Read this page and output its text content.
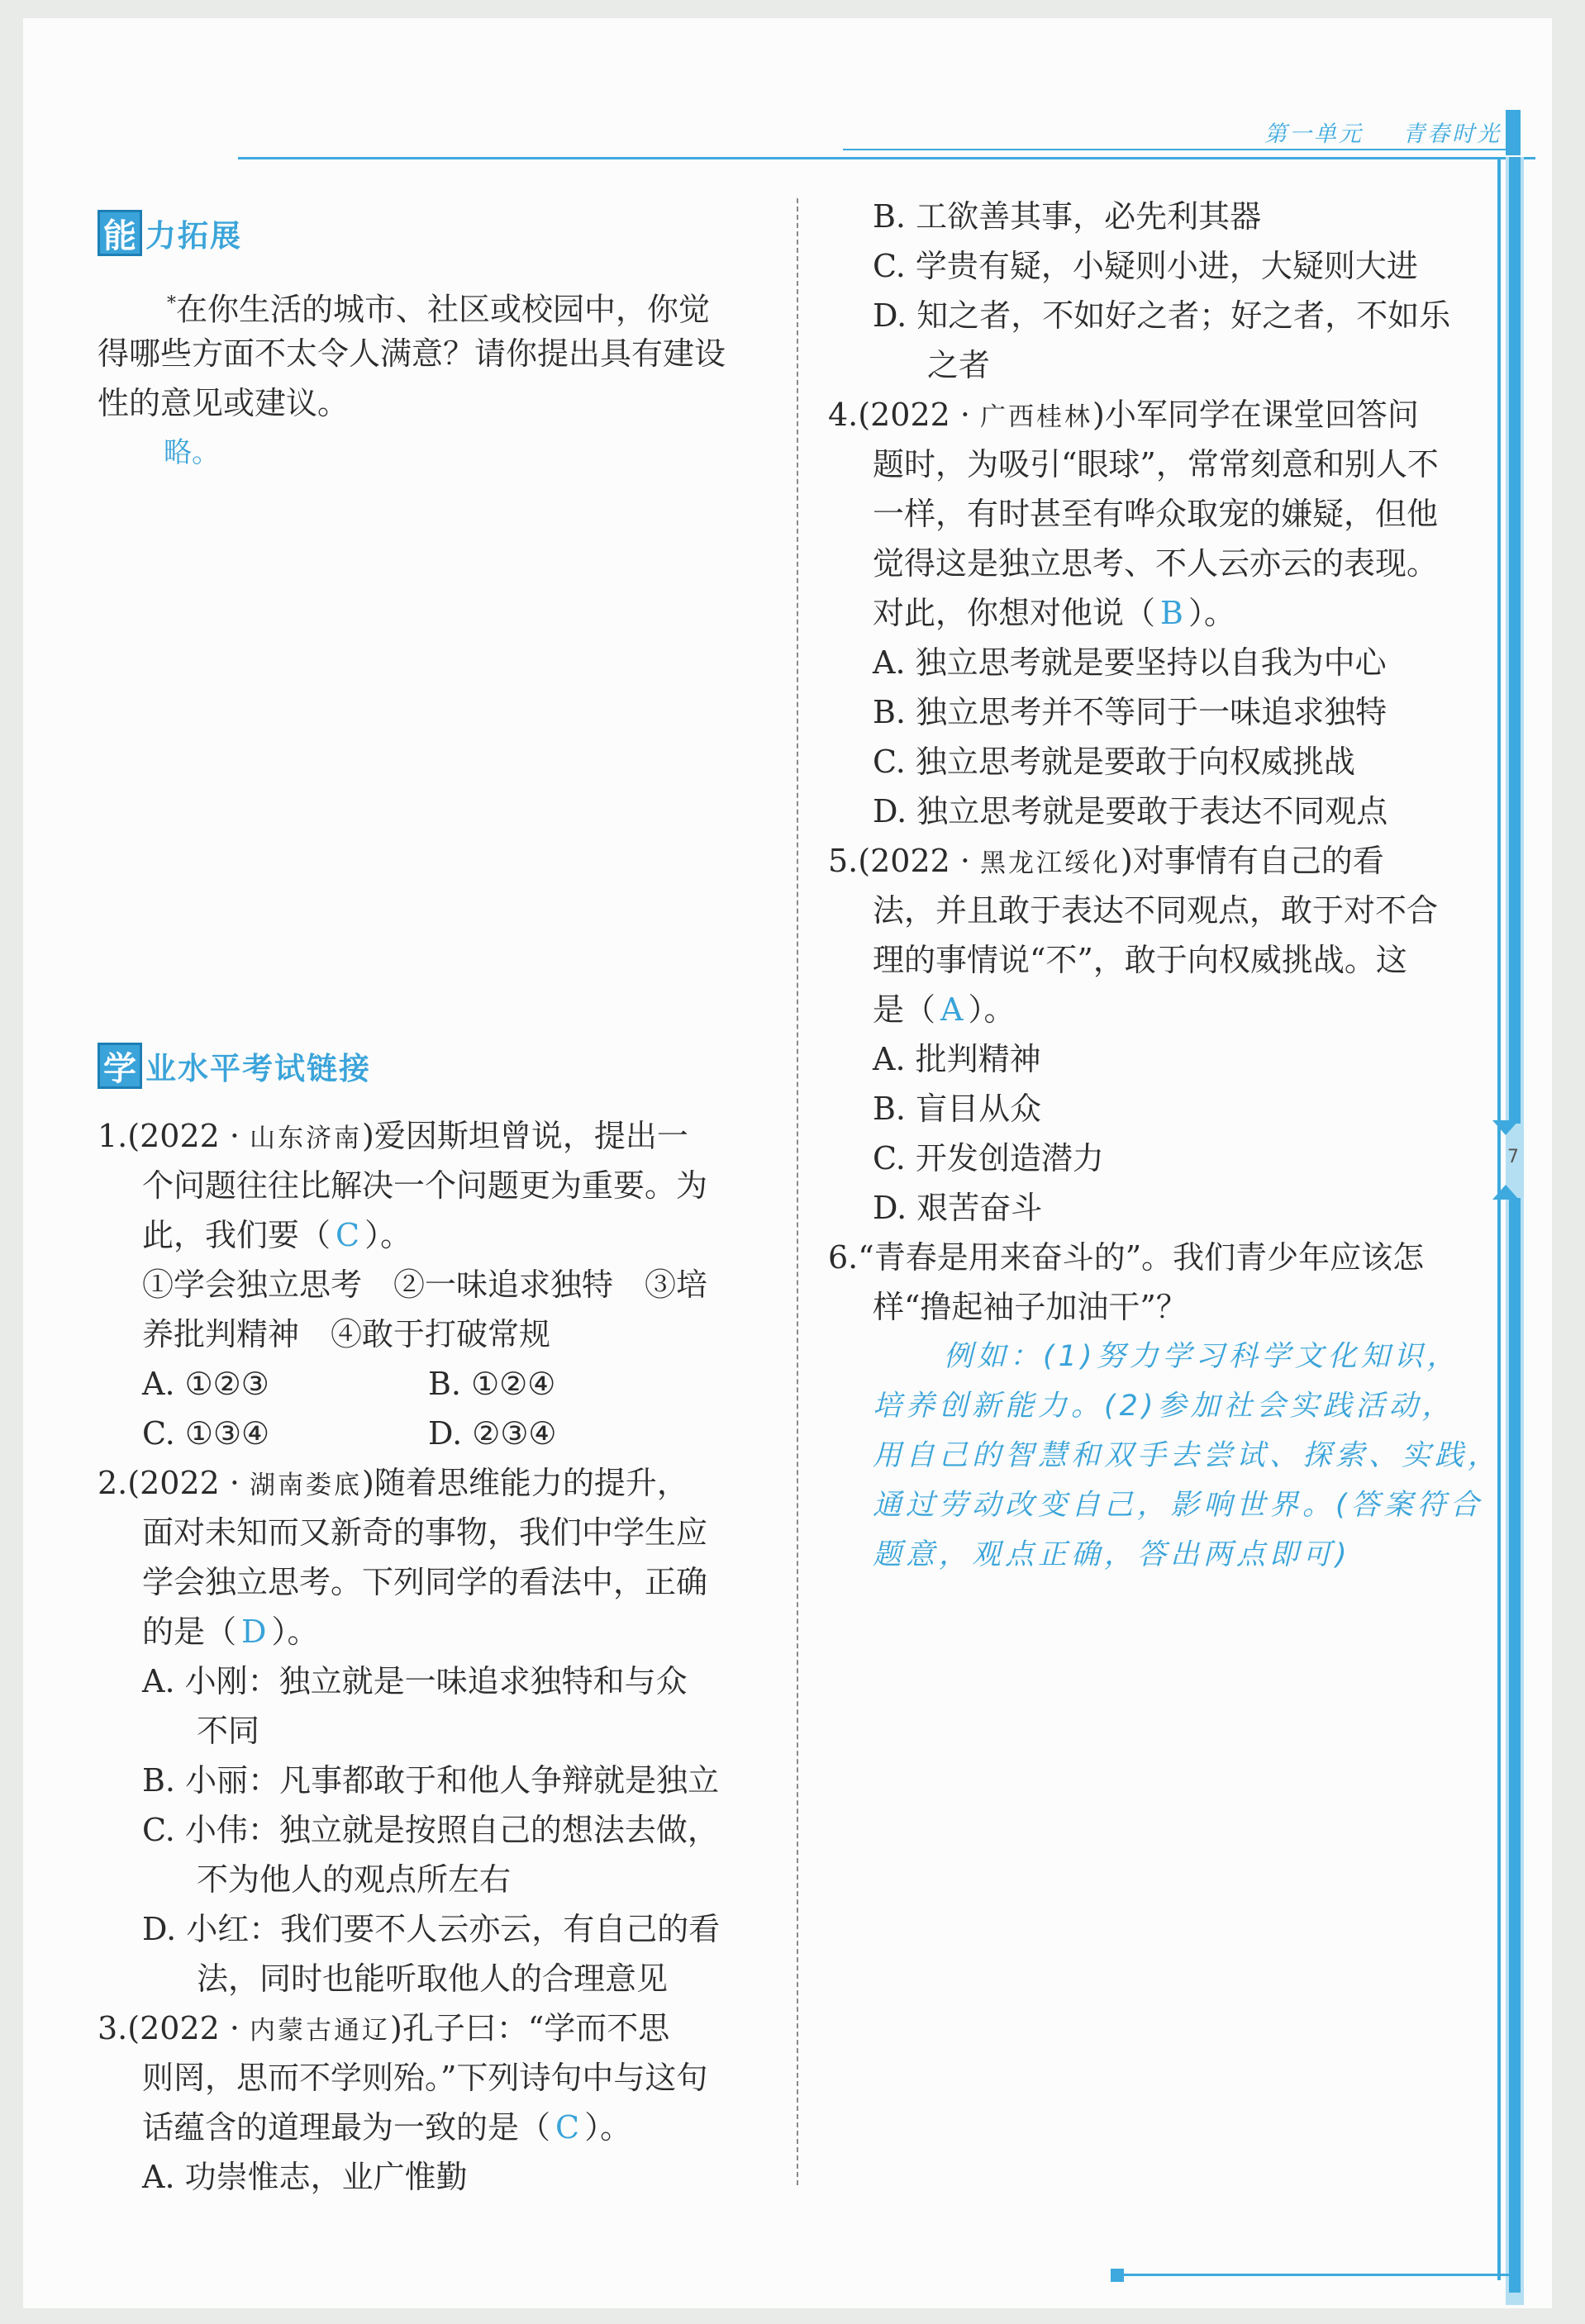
第一单元 青春时光
7
能 力拓展
*在你生活的城市、社区或校园中，你觉
得哪些方面不太令人满意？请你提出具有建设
性的意见或建议。
略。
学 业水平考试链接
1.(2022 · 山东济南)爱因斯坦曾说，提出一
个问题往往比解决一个问题更为重要。为
此，我们要（ C ）。
①学会独立思考　②一味追求独特　③培
养批判精神　④敢于打破常规
A. ①②③	B. ①②④
C. ①③④	D. ②③④
2.(2022 · 湖南娄底)随着思维能力的提升，
面对未知而又新奇的事物，我们中学生应
学会独立思考。下列同学的看法中，正确
的是（ D ）。
A. 小刚：独立就是一味追求独特和与众
不同
B. 小丽：凡事都敢于和他人争辩就是独立
C. 小伟：独立就是按照自己的想法去做，
不为他人的观点所左右
D. 小红：我们要不人云亦云，有自己的看
法，同时也能听取他人的合理意见
3.(2022 · 内蒙古通辽)孔子曰：“学而不思
则罔，思而不学则殆。”下列诗句中与这句
话蕴含的道理最为一致的是（ C ）。
A. 功崇惟志，业广惟勤
B. 工欲善其事，必先利其器
C. 学贵有疑，小疑则小进，大疑则大进
D. 知之者，不如好之者；好之者，不如乐
之者
4.(2022 · 广西桂林)小军同学在课堂回答问
题时，为吸引“眼球”，常常刻意和别人不
一样，有时甚至有哗众取宠的嫌疑，但他
觉得这是独立思考、不人云亦云的表现。
对此，你想对他说（ B ）。
A. 独立思考就是要坚持以自我为中心
B. 独立思考并不等同于一味追求独特
C. 独立思考就是要敢于向权威挑战
D. 独立思考就是要敢于表达不同观点
5.(2022 · 黑龙江绥化)对事情有自己的看
法，并且敢于表达不同观点，敢于对不合
理的事情说“不”，敢于向权威挑战。这
是（ A ）。
A. 批判精神
B. 盲目从众
C. 开发创造潜力
D. 艰苦奋斗
6.“青春是用来奋斗的”。我们青少年应该怎
样“撸起袖子加油干”？
例如：(1)努力学习科学文化知识，
培养创新能力。(2)参加社会实践活动，
用自己的智慧和双手去尝试、探索、实践，
通过劳动改变自己，影响世界。(答案符合
题意，观点正确，答出两点即可)
